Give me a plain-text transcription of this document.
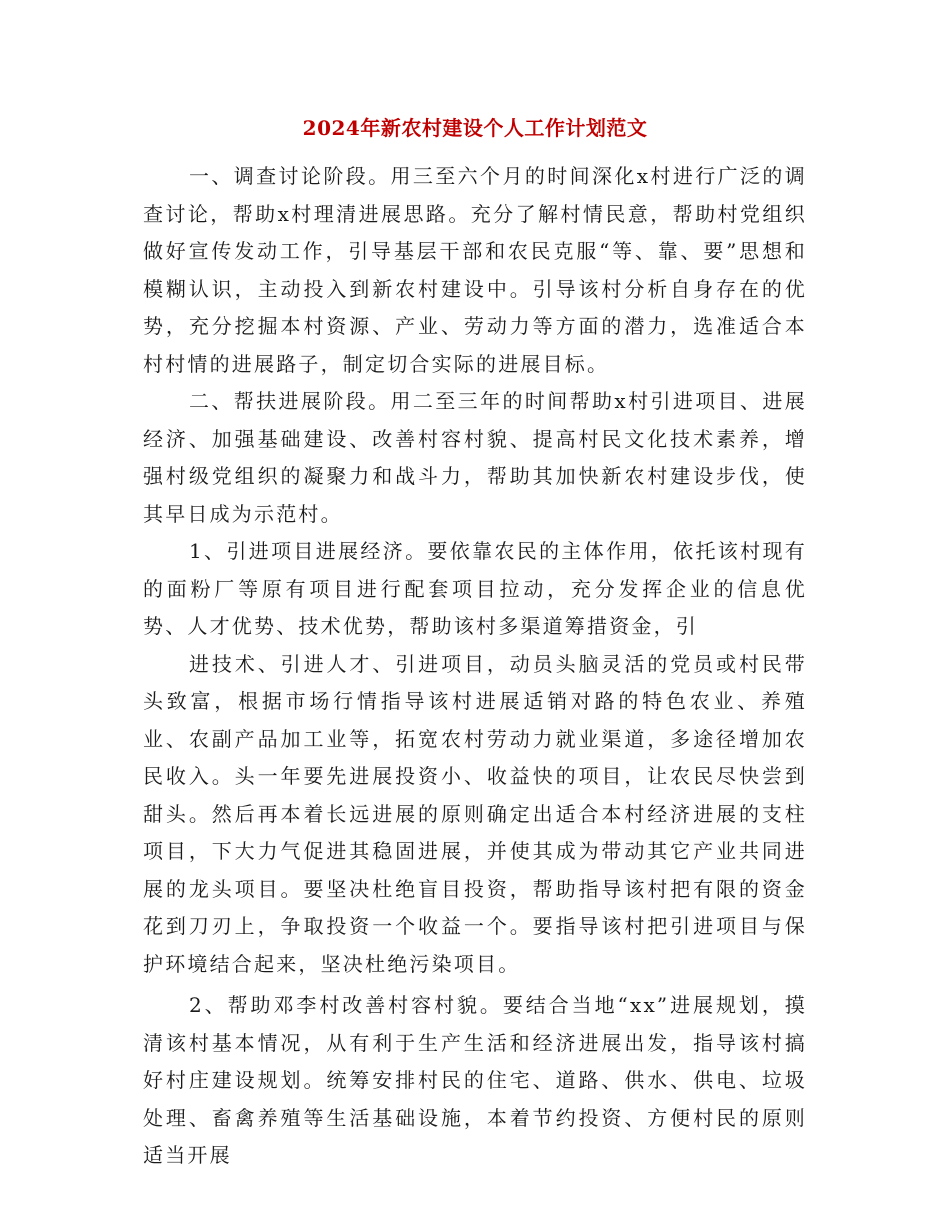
2024年新农村建设个人工作计划范文

一、调查讨论阶段。用三至六个月的时间深化x村进行广泛的调查讨论，帮助x村理清进展思路。充分了解村情民意，帮助村党组织做好宣传发动工作，引导基层干部和农民克服“等、靠、要”思想和模糊认识，主动投入到新农村建设中。引导该村分析自身存在的优势，充分挖掘本村资源、产业、劳动力等方面的潜力，选准适合本村村情的进展路子，制定切合实际的进展目标。

二、帮扶进展阶段。用二至三年的时间帮助x村引进项目、进展经济、加强基础建设、改善村容村貌、提高村民文化技术素养，增强村级党组织的凝聚力和战斗力，帮助其加快新农村建设步伐，使其早日成为示范村。

1、引进项目进展经济。要依靠农民的主体作用，依托该村现有的面粉厂等原有项目进行配套项目拉动，充分发挥企业的信息优势、人才优势、技术优势，帮助该村多渠道筹措资金，引

进技术、引进人才、引进项目，动员头脑灵活的党员或村民带头致富，根据市场行情指导该村进展适销对路的特色农业、养殖业、农副产品加工业等，拓宽农村劳动力就业渠道，多途径增加农民收入。头一年要先进展投资小、收益快的项目，让农民尽快尝到甜头。然后再本着长远进展的原则确定出适合本村经济进展的支柱项目，下大力气促进其稳固进展，并使其成为带动其它产业共同进展的龙头项目。要坚决杜绝盲目投资，帮助指导该村把有限的资金花到刀刃上，争取投资一个收益一个。要指导该村把引进项目与保护环境结合起来，坚决杜绝污染项目。

2、帮助邓李村改善村容村貌。要结合当地“xx”进展规划，摸清该村基本情况，从有利于生产生活和经济进展出发，指导该村搞好村庄建设规划。统筹安排村民的住宅、道路、供水、供电、垃圾处理、畜禽养殖等生活基础设施，本着节约投资、方便村民的原则适当开展
